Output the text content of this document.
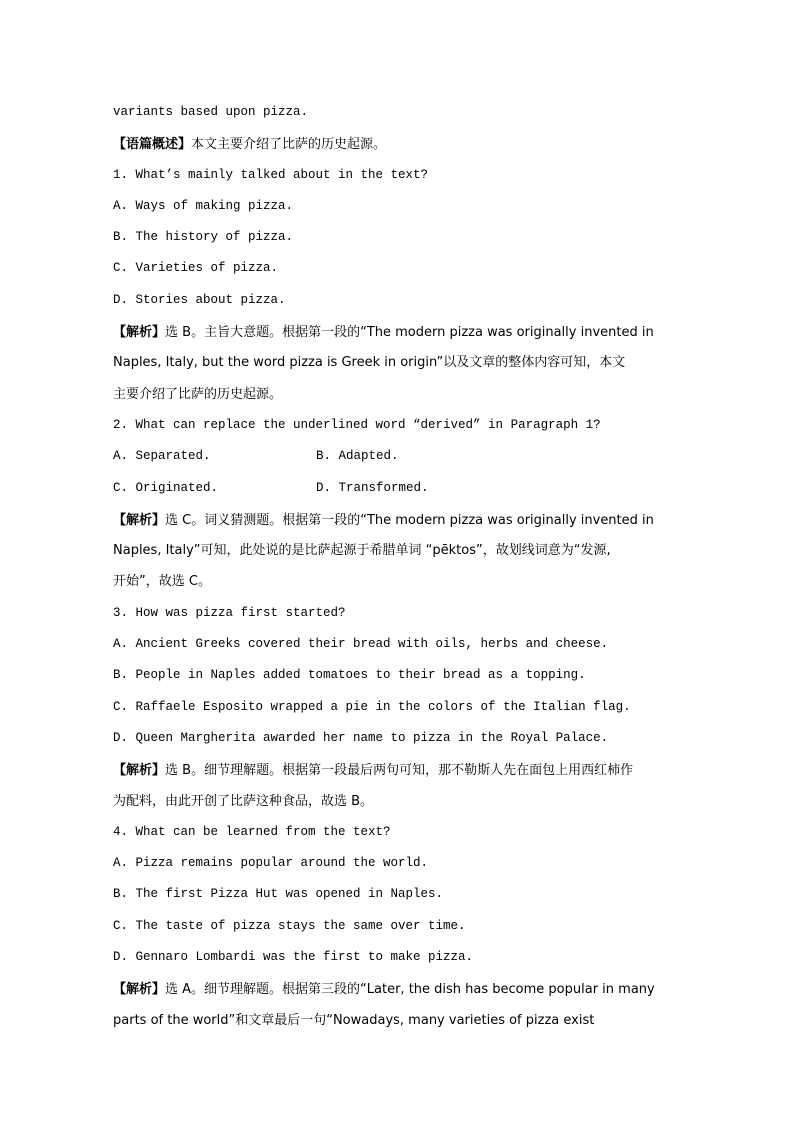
variants based upon pizza.
【语篇概述】本文主要介绍了比萨的历史起源。
1. What’s mainly talked about in the text?
A. Ways of making pizza.
B. The history of pizza.
C. Varieties of pizza.
D. Stories about pizza.
【解析】选 B。主旨大意题。根据第一段的“The modern pizza was originally invented in
Naples, Italy, but the word pizza is Greek in origin”以及文章的整体内容可知，本文
主要介绍了比萨的历史起源。
2. What can replace the underlined word “derived” in Paragraph 1?
A. Separated.	B. Adapted.
C. Originated.	D. Transformed.
【解析】选 C。词义猜测题。根据第一段的“The modern pizza was originally invented in
Naples, Italy”可知，此处说的是比萨起源于希腊单词 “pēktos”，故划线词意为“发源,
开始”，故选 C。
3. How was pizza first started?
A. Ancient Greeks covered their bread with oils, herbs and cheese.
B. People in Naples added tomatoes to their bread as a topping.
C. Raffaele Esposito wrapped a pie in the colors of the Italian flag.
D. Queen Margherita awarded her name to pizza in the Royal Palace.
【解析】选 B。细节理解题。根据第一段最后两句可知，那不勒斯人先在面包上用西红柿作
为配料，由此开创了比萨这种食品，故选 B。
4. What can be learned from the text?
A. Pizza remains popular around the world.
B. The first Pizza Hut was opened in Naples.
C. The taste of pizza stays the same over time.
D. Gennaro Lombardi was the first to make pizza.
【解析】选 A。细节理解题。根据第三段的“Later, the dish has become popular in many
parts of the world”和文章最后一句“Nowadays, many varieties of pizza exist
